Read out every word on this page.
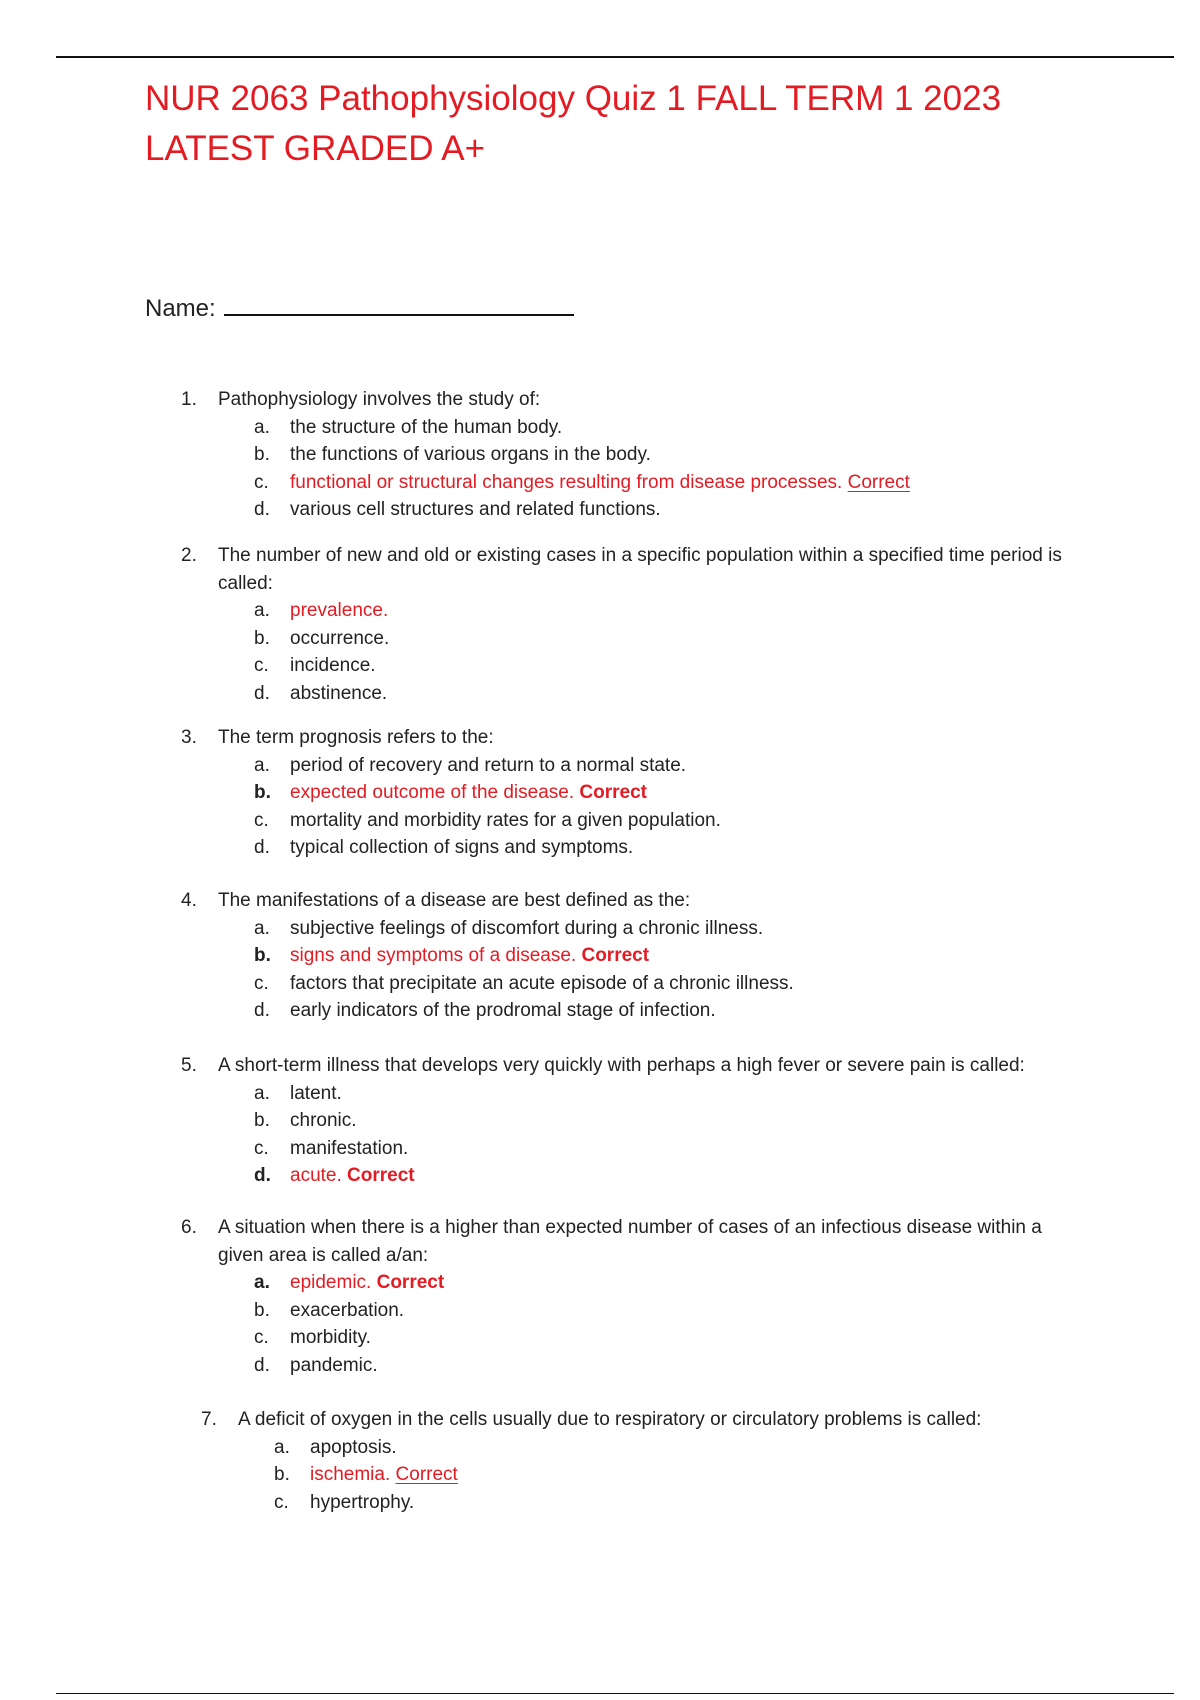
NUR 2063 Pathophysiology Quiz 1 FALL TERM 1 2023
LATEST GRADED A+
Name:
1. Pathophysiology involves the study of:
a. the structure of the human body.
b. the functions of various organs in the body.
c. functional or structural changes resulting from disease processes. Correct
d. various cell structures and related functions.
2. The number of new and old or existing cases in a specific population within a specified time period is called:
a. prevalence.
b. occurrence.
c. incidence.
d. abstinence.
3. The term prognosis refers to the:
a. period of recovery and return to a normal state.
b. expected outcome of the disease. Correct
c. mortality and morbidity rates for a given population.
d. typical collection of signs and symptoms.
4. The manifestations of a disease are best defined as the:
a. subjective feelings of discomfort during a chronic illness.
b. signs and symptoms of a disease. Correct
c. factors that precipitate an acute episode of a chronic illness.
d. early indicators of the prodromal stage of infection.
5. A short-term illness that develops very quickly with perhaps a high fever or severe pain is called:
a. latent.
b. chronic.
c. manifestation.
d. acute. Correct
6. A situation when there is a higher than expected number of cases of an infectious disease within a given area is called a/an:
a. epidemic. Correct
b. exacerbation.
c. morbidity.
d. pandemic.
7. A deficit of oxygen in the cells usually due to respiratory or circulatory problems is called:
a. apoptosis.
b. ischemia. Correct
c. hypertrophy.
